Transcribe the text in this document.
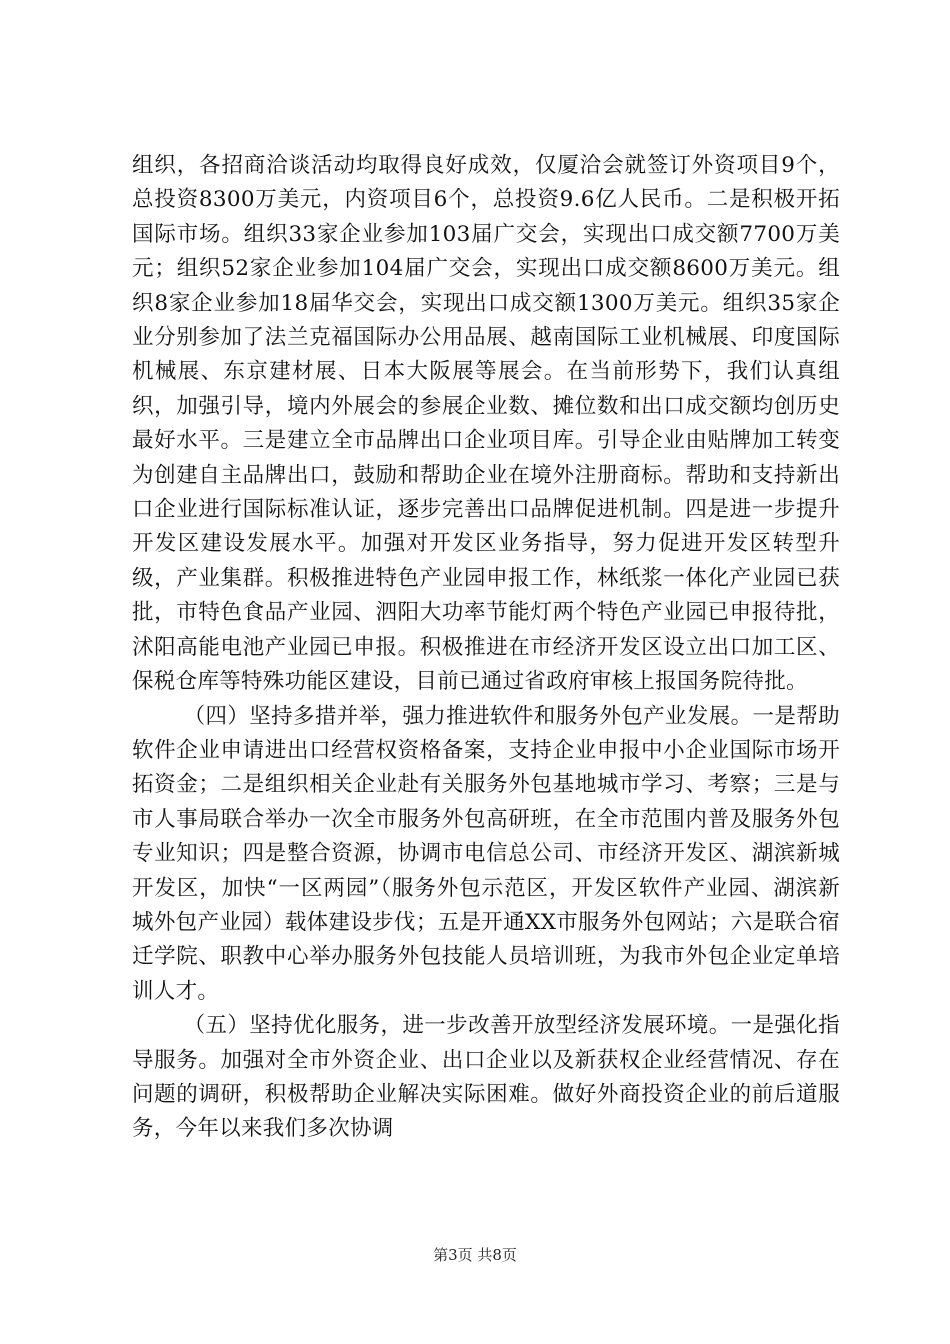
组织，各招商洽谈活动均取得良好成效，仅厦洽会就签订外资项目9个，总投资8300万美元，内资项目6个，总投资9.6亿人民币。二是积极开拓国际市场。组织33家企业参加103届广交会，实现出口成交额7700万美元；组织52家企业参加104届广交会，实现出口成交额8600万美元。组织8家企业参加18届华交会，实现出口成交额1300万美元。组织35家企业分别参加了法兰克福国际办公用品展、越南国际工业机械展、印度国际机械展、东京建材展、日本大阪展等展会。在当前形势下，我们认真组织，加强引导，境内外展会的参展企业数、摊位数和出口成交额均创历史最好水平。三是建立全市品牌出口企业项目库。引导企业由贴牌加工转变为创建自主品牌出口，鼓励和帮助企业在境外注册商标。帮助和支持新出口企业进行国际标准认证，逐步完善出口品牌促进机制。四是进一步提升开发区建设发展水平。加强对开发区业务指导，努力促进开发区转型升级，产业集群。积极推进特色产业园申报工作，林纸浆一体化产业园已获批，市特色食品产业园、泗阳大功率节能灯两个特色产业园已申报待批，沭阳高能电池产业园已申报。积极推进在市经济开发区设立出口加工区、保税仓库等特殊功能区建设，目前已通过省政府审核上报国务院待批。

（四）坚持多措并举，强力推进软件和服务外包产业发展。一是帮助软件企业申请进出口经营权资格备案，支持企业申报中小企业国际市场开拓资金；二是组织相关企业赴有关服务外包基地城市学习、考察；三是与市人事局联合举办一次全市服务外包高研班，在全市范围内普及服务外包专业知识；四是整合资源，协调市电信总公司、市经济开发区、湖滨新城开发区，加快“一区两园”（服务外包示范区，开发区软件产业园、湖滨新城外包产业园）载体建设步伐；五是开通XX市服务外包网站；六是联合宿迁学院、职教中心举办服务外包技能人员培训班，为我市外包企业定单培训人才。

（五）坚持优化服务，进一步改善开放型经济发展环境。一是强化指导服务。加强对全市外资企业、出口企业以及新获权企业经营情况、存在问题的调研，积极帮助企业解决实际困难。做好外商投资企业的前后道服务，今年以来我们多次协调

第3页 共8页
